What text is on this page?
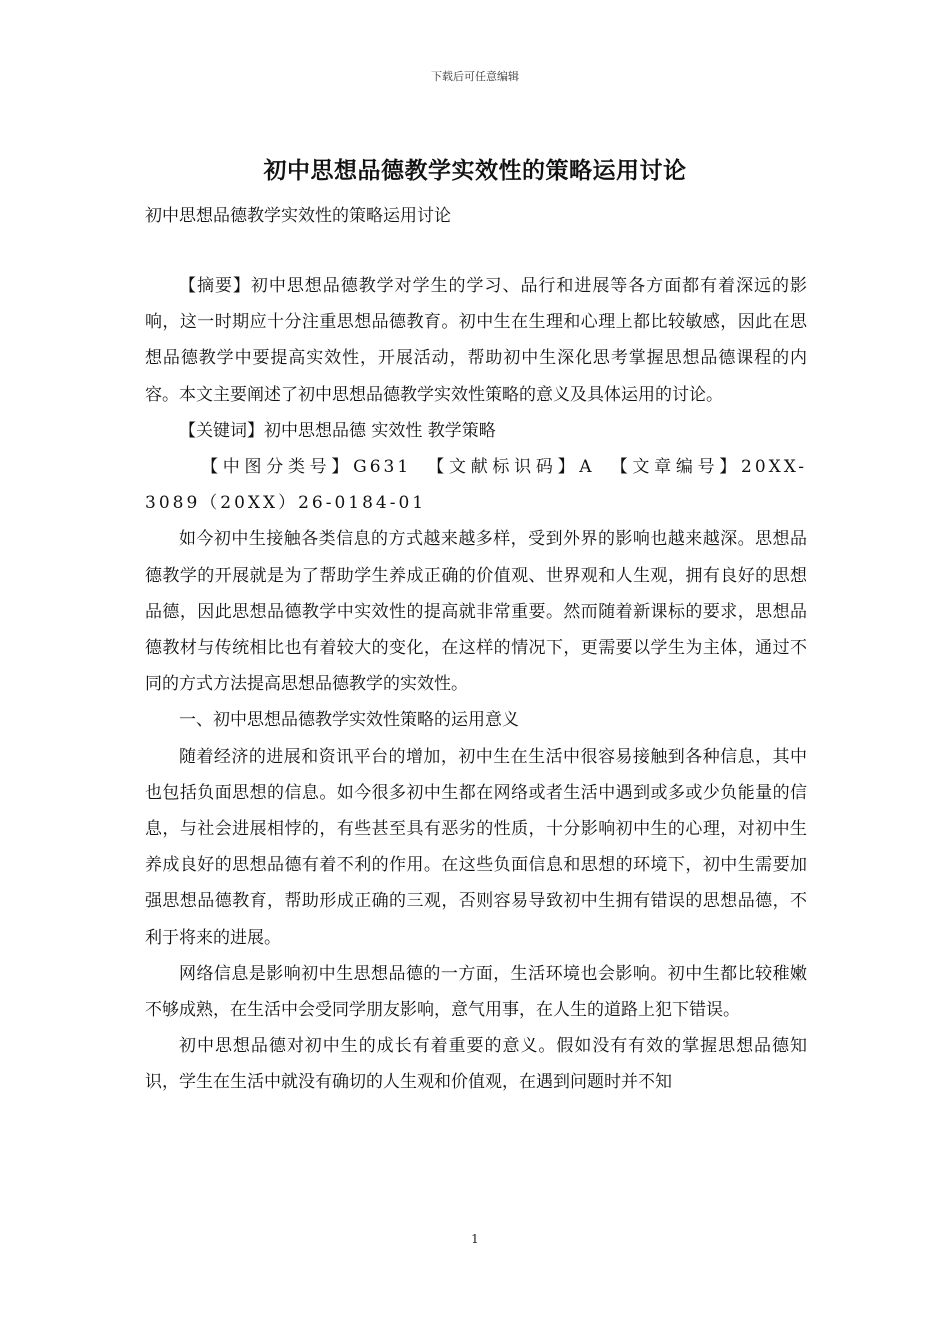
下载后可任意编辑
初中思想品德教学实效性的策略运用讨论
初中思想品德教学实效性的策略运用讨论

【摘要】初中思想品德教学对学生的学习、品行和进展等各方面都有着深远的影响，这一时期应十分注重思想品德教育。初中生在生理和心理上都比较敏感，因此在思想品德教学中要提高实效性，开展活动，帮助初中生深化思考掌握思想品德课程的内容。本文主要阐述了初中思想品德教学实效性策略的意义及具体运用的讨论。

【关键词】初中思想品德 实效性 教学策略

【中图分类号】G631 【文献标识码】A 【文章编号】20XX-3089（20XX）26-0184-01

如今初中生接触各类信息的方式越来越多样，受到外界的影响也越来越深。思想品德教学的开展就是为了帮助学生养成正确的价值观、世界观和人生观，拥有良好的思想品德，因此思想品德教学中实效性的提高就非常重要。然而随着新课标的要求，思想品德教材与传统相比也有着较大的变化，在这样的情况下，更需要以学生为主体，通过不同的方式方法提高思想品德教学的实效性。

一、初中思想品德教学实效性策略的运用意义

随着经济的进展和资讯平台的增加，初中生在生活中很容易接触到各种信息，其中也包括负面思想的信息。如今很多初中生都在网络或者生活中遇到或多或少负能量的信息，与社会进展相悖的，有些甚至具有恶劣的性质，十分影响初中生的心理，对初中生养成良好的思想品德有着不利的作用。在这些负面信息和思想的环境下，初中生需要加强思想品德教育，帮助形成正确的三观，否则容易导致初中生拥有错误的思想品德，不利于将来的进展。

网络信息是影响初中生思想品德的一方面，生活环境也会影响。初中生都比较稚嫩不够成熟，在生活中会受同学朋友影响，意气用事，在人生的道路上犯下错误。

初中思想品德对初中生的成长有着重要的意义。假如没有有效的掌握思想品德知识，学生在生活中就没有确切的人生观和价值观，在遇到问题时并不知

1
